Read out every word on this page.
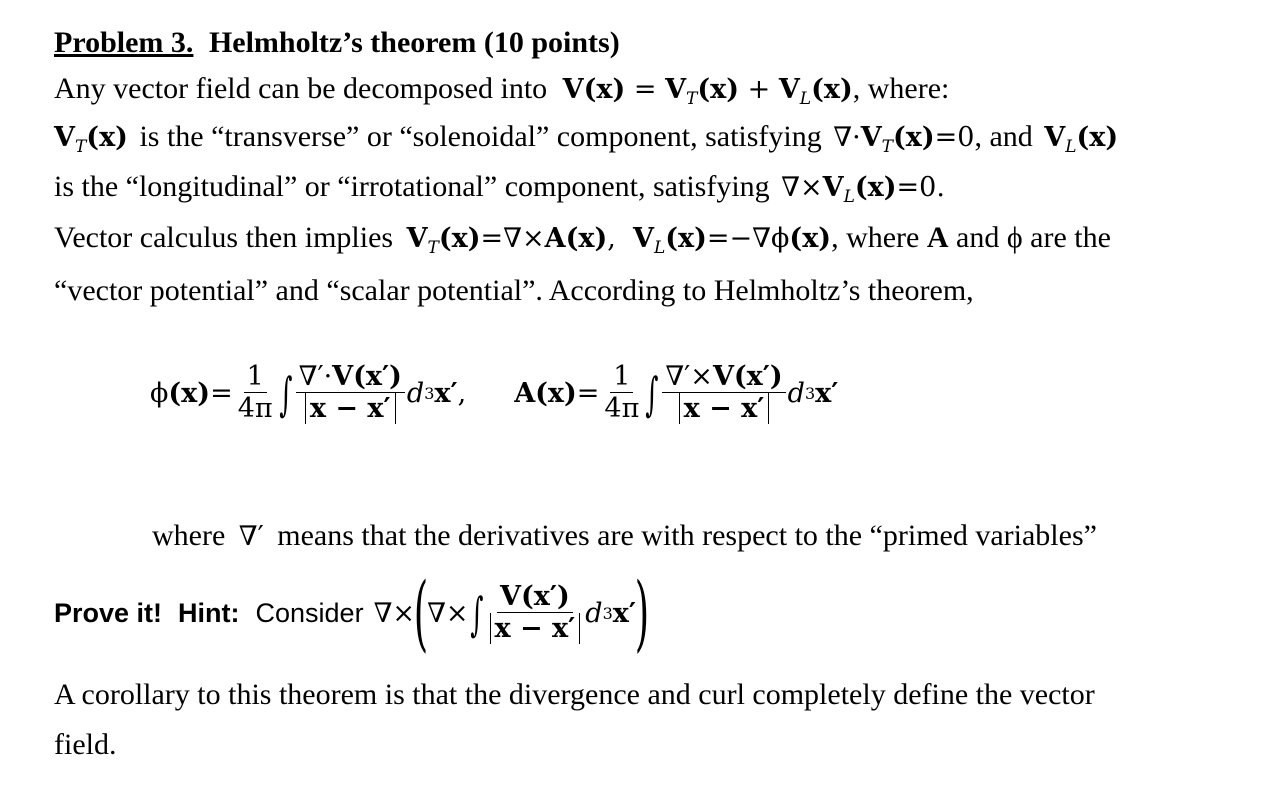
Problem 3. Helmholtz’s theorem (10 points)
Any vector field can be decomposed into $V(x) = V_T(x) + V_L(x)$, where:
$V_T(x)$ is the “transverse” or “solenoidal” component, satisfying $\nabla\cdot V_T(x)=0$, and $V_L(x)$
is the “longitudinal” or “irrotational” component, satisfying $\nabla\times V_L(x)=0$.
Vector calculus then implies $V_T(x)=\nabla\times A(x)$,  $V_L(x)=-\nabla\phi(x)$, where A and ϕ are the
“vector potential” and “scalar potential”. According to Helmholtz’s theorem,
ϕ $(x) = \frac{1}{4\pi}$ ∫ $\frac{\nabla'\cdot V(x')}{x - x'}$ d 3 x′ , $A(x) = \frac{1}{4\pi}$ ∫ $\frac{\nabla'\times V(x')}{x - x'}$ d 3 x′
where ∇′ means that the derivatives are with respect to the “primed variables”
Prove it! Hint: Consider ∇×
(
∇× ∫ $\frac{V(x')}{x - x'}$ d 3 x′
)
A corollary to this theorem is that the divergence and curl completely define the vector
field.
